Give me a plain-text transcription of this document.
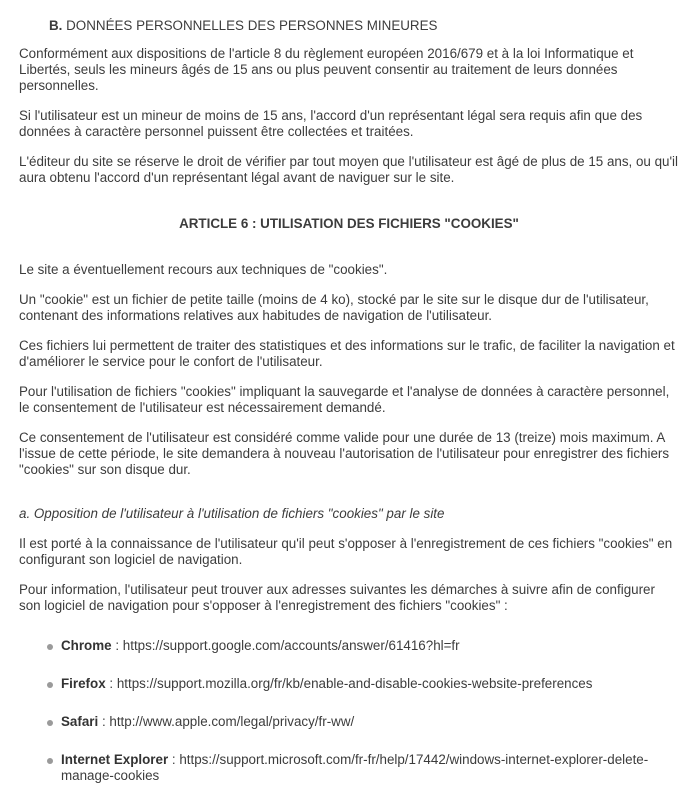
B. DONNÉES PERSONNELLES DES PERSONNES MINEURES

Conformément aux dispositions de l'article 8 du règlement européen 2016/679 et à la loi Informatique et Libertés, seuls les mineurs âgés de 15 ans ou plus peuvent consentir au traitement de leurs données personnelles.

Si l'utilisateur est un mineur de moins de 15 ans, l'accord d'un représentant légal sera requis afin que des données à caractère personnel puissent être collectées et traitées.

L'éditeur du site se réserve le droit de vérifier par tout moyen que l'utilisateur est âgé de plus de 15 ans, ou qu'il aura obtenu l'accord d'un représentant légal avant de naviguer sur le site.

ARTICLE 6 : UTILISATION DES FICHIERS "COOKIES"

Le site a éventuellement recours aux techniques de "cookies".

Un "cookie" est un fichier de petite taille (moins de 4 ko), stocké par le site sur le disque dur de l'utilisateur, contenant des informations relatives aux habitudes de navigation de l'utilisateur.

Ces fichiers lui permettent de traiter des statistiques et des informations sur le trafic, de faciliter la navigation et d'améliorer le service pour le confort de l'utilisateur.

Pour l'utilisation de fichiers "cookies" impliquant la sauvegarde et l'analyse de données à caractère personnel, le consentement de l'utilisateur est nécessairement demandé.

Ce consentement de l'utilisateur est considéré comme valide pour une durée de 13 (treize) mois maximum. A l'issue de cette période, le site demandera à nouveau l'autorisation de l'utilisateur pour enregistrer des fichiers "cookies" sur son disque dur.

a. Opposition de l'utilisateur à l'utilisation de fichiers "cookies" par le site

Il est porté à la connaissance de l'utilisateur qu'il peut s'opposer à l'enregistrement de ces fichiers "cookies" en configurant son logiciel de navigation.

Pour information, l'utilisateur peut trouver aux adresses suivantes les démarches à suivre afin de configurer son logiciel de navigation pour s'opposer à l'enregistrement des fichiers "cookies" :

Chrome : https://support.google.com/accounts/answer/61416?hl=fr
Firefox : https://support.mozilla.org/fr/kb/enable-and-disable-cookies-website-preferences
Safari : http://www.apple.com/legal/privacy/fr-ww/
Internet Explorer : https://support.microsoft.com/fr-fr/help/17442/windows-internet-explorer-delete-manage-cookies
